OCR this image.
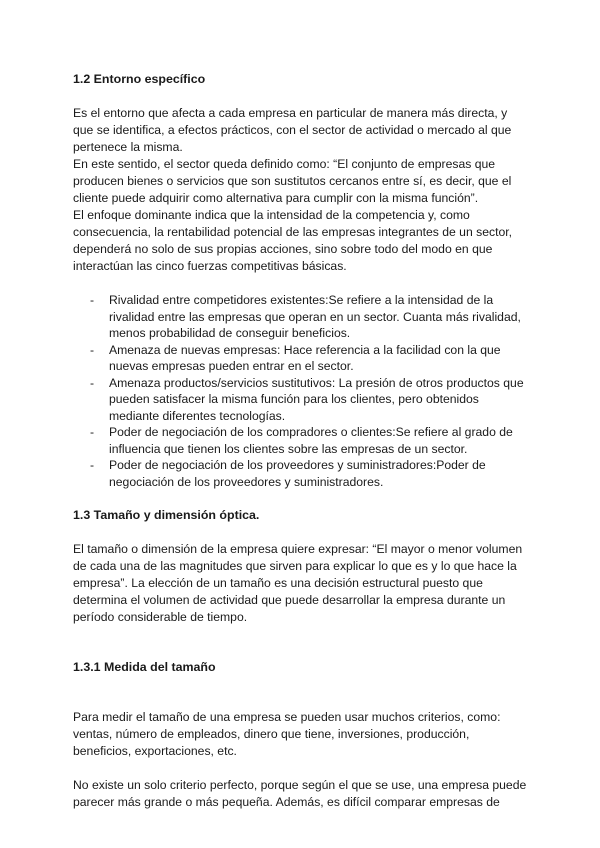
1.2 Entorno específico

Es el entorno que afecta a cada empresa en particular de manera más directa, y que se identifica, a efectos prácticos, con el sector de actividad o mercado al que pertenece la misma.

En este sentido, el sector queda definido como: “El conjunto de empresas que producen bienes o servicios que son sustitutos cercanos entre sí, es decir, que el cliente puede adquirir como alternativa para cumplir con la misma función”.

El enfoque dominante indica que la intensidad de la competencia y, como consecuencia, la rentabilidad potencial de las empresas integrantes de un sector, dependerá no solo de sus propias acciones, sino sobre todo del modo en que interactúan las cinco fuerzas competitivas básicas.

- Rivalidad entre competidores existentes:Se refiere a la intensidad de la rivalidad entre las empresas que operan en un sector. Cuanta más rivalidad, menos probabilidad de conseguir beneficios.
- Amenaza de nuevas empresas: Hace referencia a la facilidad con la que nuevas empresas pueden entrar en el sector.
- Amenaza productos/servicios sustitutivos: La presión de otros productos que pueden satisfacer la misma función para los clientes, pero obtenidos mediante diferentes tecnologías.
- Poder de negociación de los compradores o clientes:Se refiere al grado de influencia que tienen los clientes sobre las empresas de un sector.
- Poder de negociación de los proveedores y suministradores:Poder de negociación de los proveedores y suministradores.
1.3 Tamaño y dimensión óptica.

El tamaño o dimensión de la empresa quiere expresar: “El mayor o menor volumen de cada una de las magnitudes que sirven para explicar lo que es y lo que hace la empresa”. La elección de un tamaño es una decisión estructural puesto que determina el volumen de actividad que puede desarrollar la empresa durante un período considerable de tiempo.

1.3.1 Medida del tamaño

Para medir el tamaño de una empresa se pueden usar muchos criterios, como: ventas, número de empleados, dinero que tiene, inversiones, producción, beneficios, exportaciones, etc.

No existe un solo criterio perfecto, porque según el que se use, una empresa puede parecer más grande o más pequeña. Además, es difícil comparar empresas de
